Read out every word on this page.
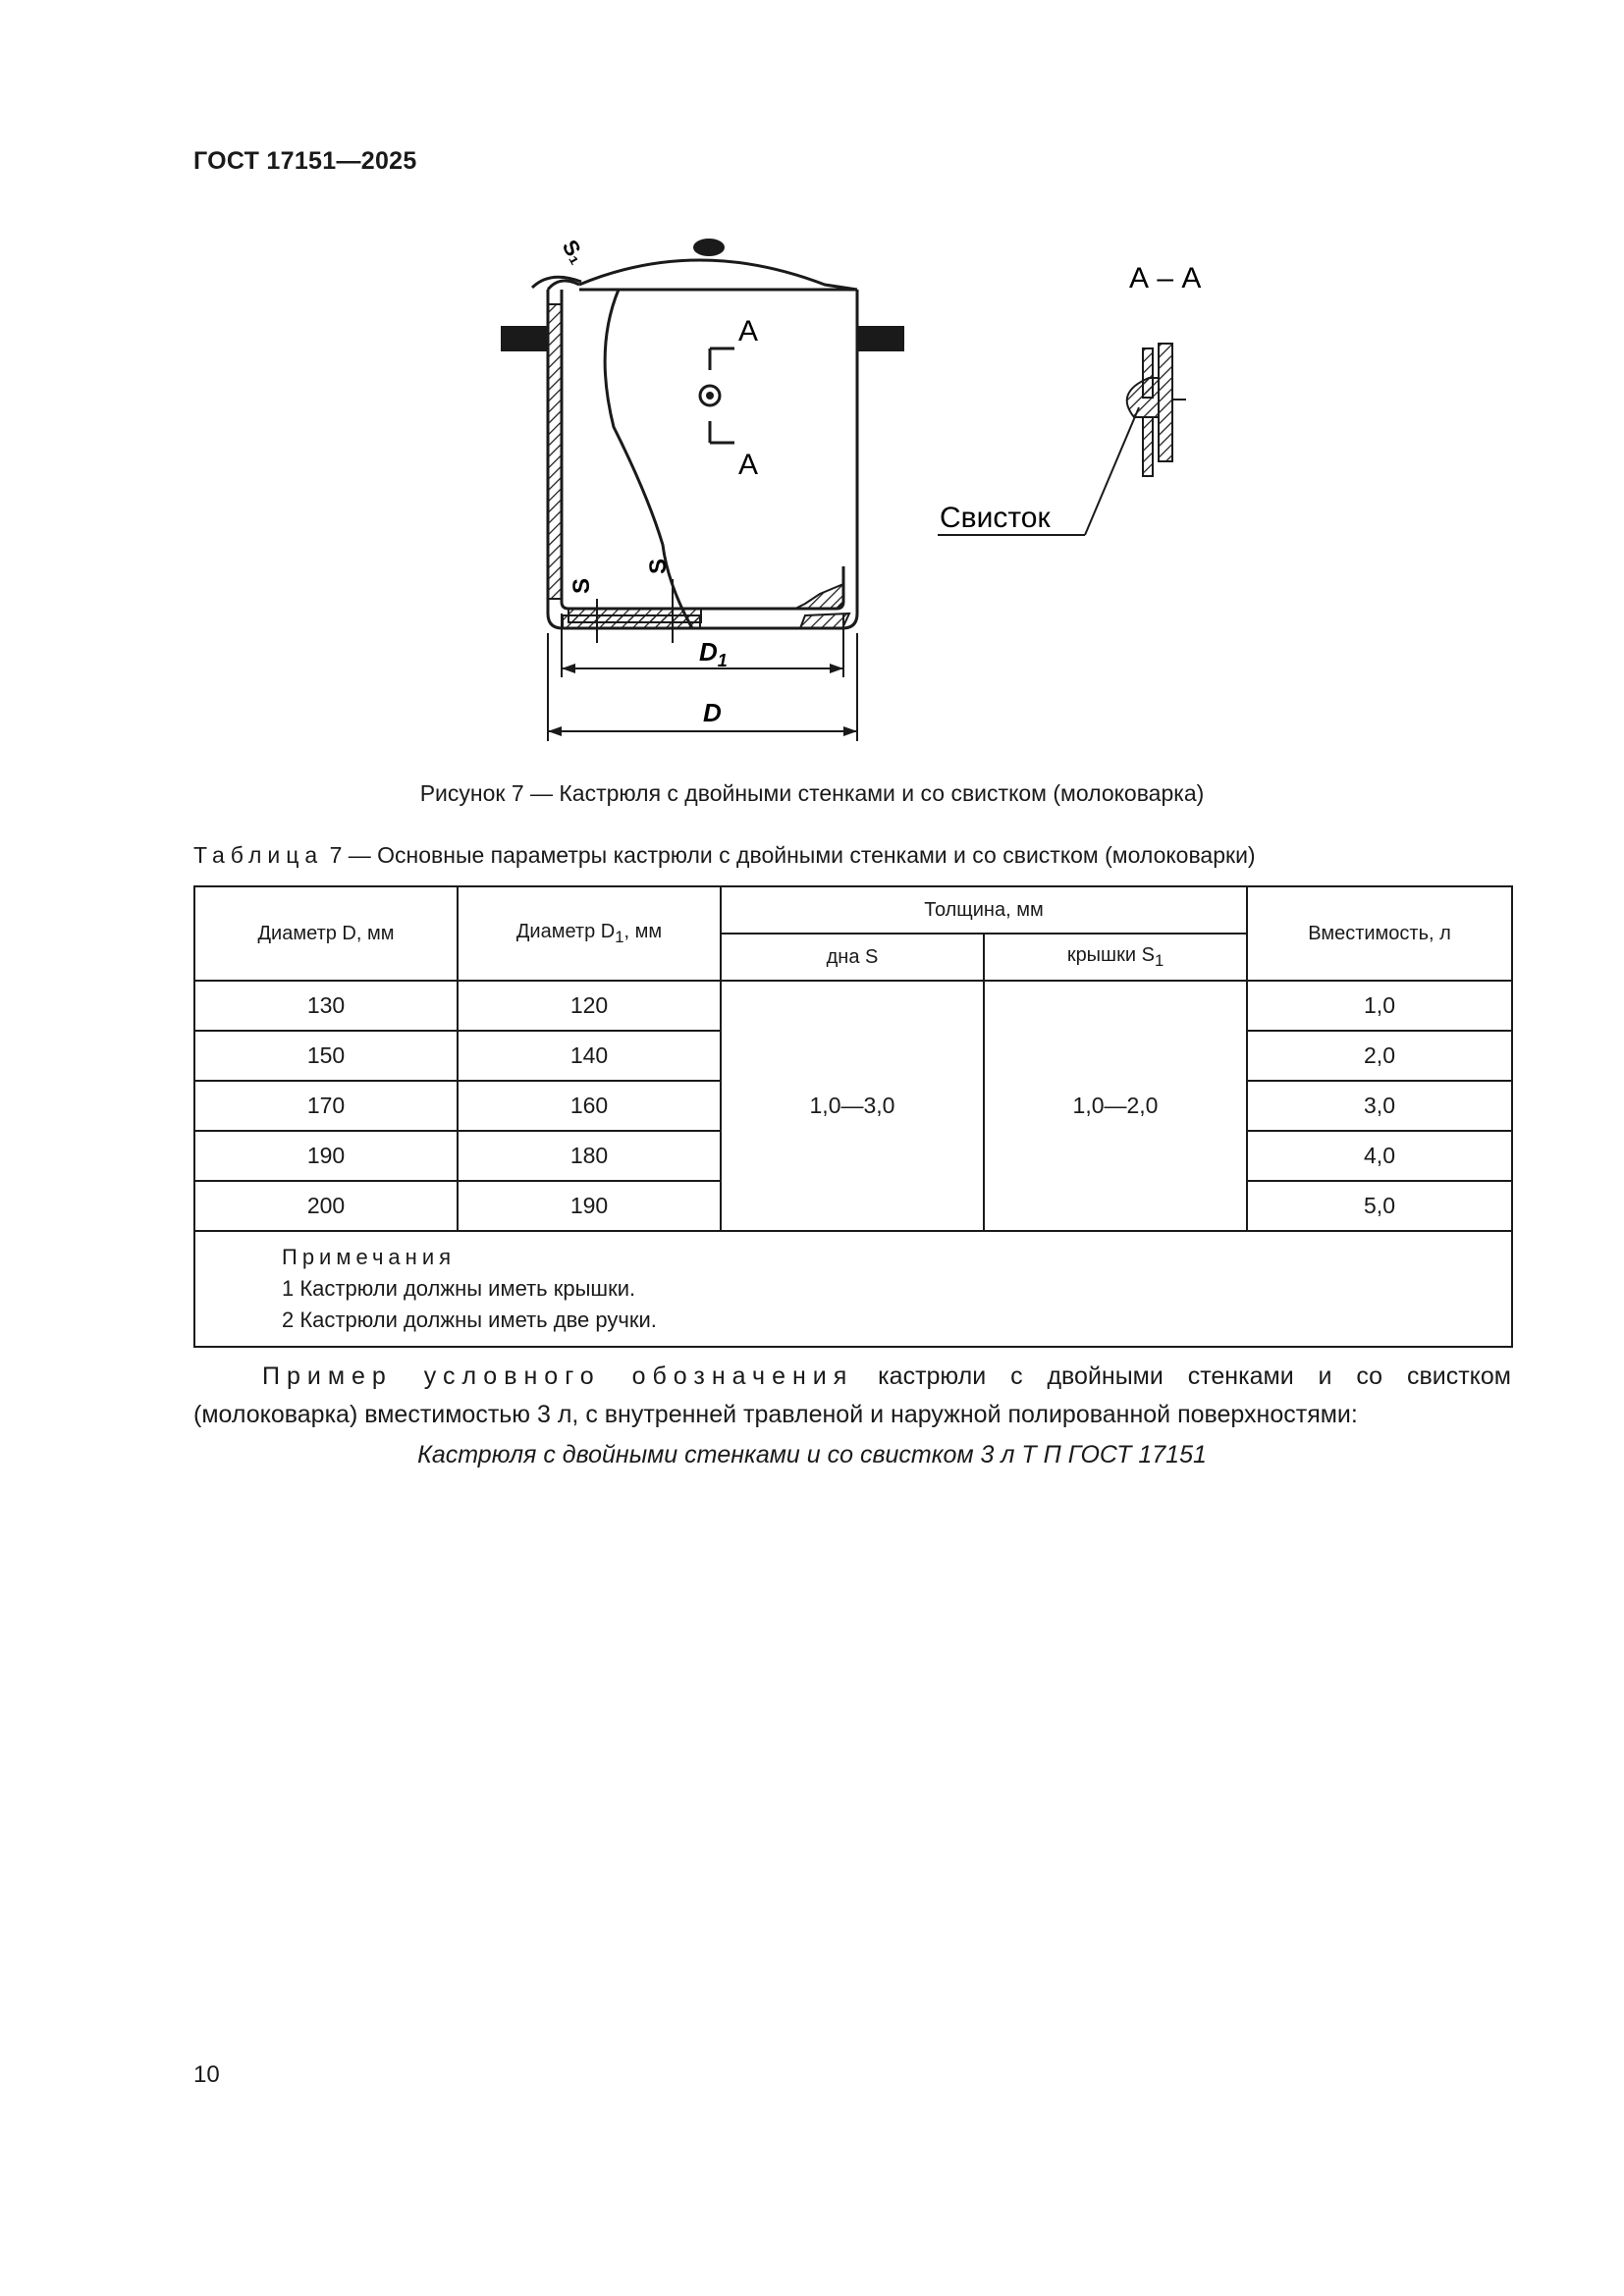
ГОСТ 17151—2025
А
А
S
S
S₁
$D_1$
D
А – А
Свисток
Рисунок 7 — Кастрюля с двойными стенками и со свистком (молоковарка)
Таблица 7 — Основные параметры кастрюли с двойными стенками и со свистком (молоковарки)
Диаметр D, мм	Диаметр $D_1$, мм	Толщина, мм		Вместимость, л
		дна S	крышки $S_1$
130	120	1,0—3,0	1,0—2,0	1,0
150	140			2,0
170	160			3,0
190	180			4,0
200	190			5,0

Примечания
1 Кастрюли должны иметь крышки.
2 Кастрюли должны иметь две ручки.				

Пример условного обозначения кастрюли с двойными стенками и со свистком (молоковарка) вместимостью 3 л, с внутренней травленой и наружной полированной поверхностями:

Кастрюля с двойными стенками и со свистком 3 л Т П ГОСТ 17151
10
